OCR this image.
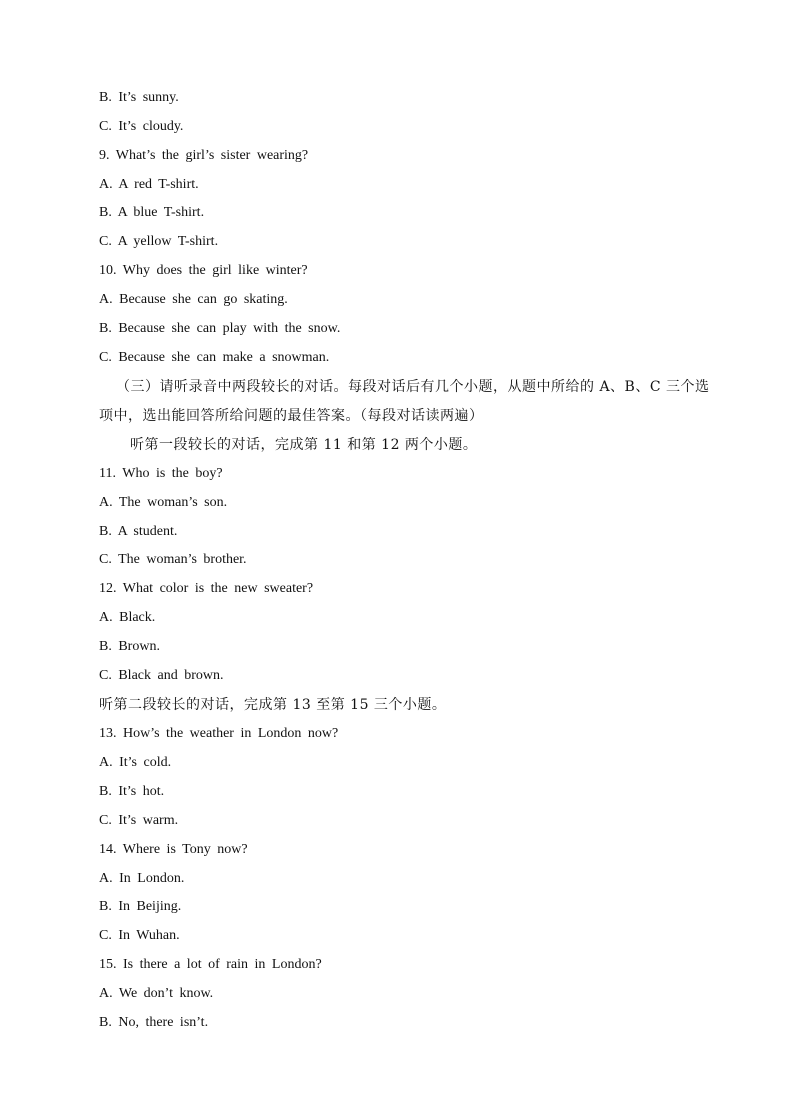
B. It’s sunny.
C. It’s cloudy.
9. What’s the girl’s sister wearing?
A. A red T-shirt.
B. A blue T-shirt.
C. A yellow T-shirt.
10. Why does the girl like winter?
A. Because she can go skating.
B. Because she can play with the snow.
C. Because she can make a snowman.
（三）请听录音中两段较长的对话。每段对话后有几个小题，从题中所给的 A、B、C 三个选
项中，选出能回答所给问题的最佳答案。（每段对话读两遍）
听第一段较长的对话，完成第 11 和第 12 两个小题。
11. Who is the boy?
A. The woman’s son.
B. A student.
C. The woman’s brother.
12. What color is the new sweater?
A. Black.
B. Brown.
C. Black and brown.
听第二段较长的对话，完成第 13 至第 15 三个小题。
13. How’s the weather in London now?
A. It’s cold.
B. It’s hot.
C. It’s warm.
14. Where is Tony now?
A. In London.
B. In Beijing.
C. In Wuhan.
15. Is there a lot of rain in London?
A. We don’t know.
B. No, there isn’t.
